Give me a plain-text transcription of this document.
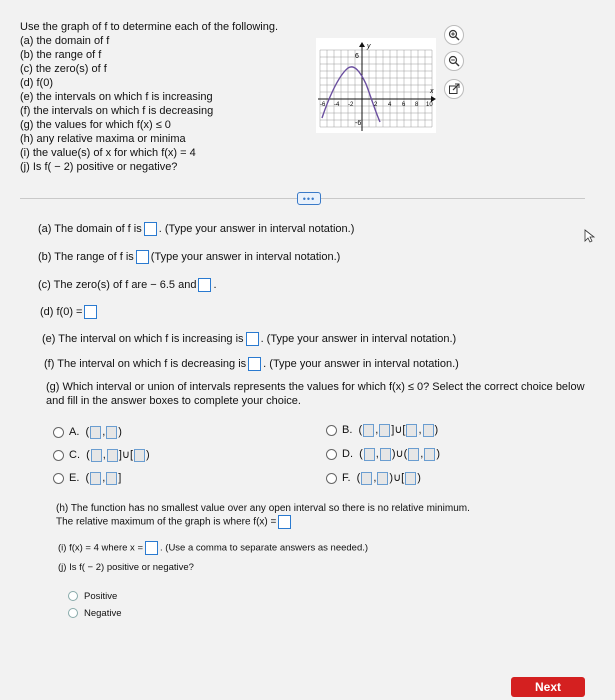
Use the graph of f to determine each of the following.
(a) the domain of f
(b) the range of f
(c) the zero(s) of f
(d) f(0)
(e) the intervals on which f is increasing
(f) the intervals on which f is decreasing
(g) the values for which f(x) ≤ 0
(h) any relative maxima or minima
(i) the value(s) of x for which f(x) = 4
(j) Is f( − 2) positive or negative?
y
x
6
-6
-6 -4 -2	2 4 6 8 10
•••
(a) The domain of f is . (Type your answer in interval notation.)
(b) The range of f is (Type your answer in interval notation.)
(c) The zero(s) of f are − 6.5 and .
(d) f(0) =
(e) The interval on which f is increasing is . (Type your answer in interval notation.)
(f) The interval on which f is decreasing is . (Type your answer in interval notation.)
(g) Which interval or union of intervals represents the values for which f(x) ≤ 0? Select the correct choice below and fill in the answer boxes to complete your choice.
A.  ( , )
C.  ( , ]∪[ )
E.  ( , ]
B.  ( , ]∪[ , )
D.  ( , )∪( , )
F.  ( , )∪[ )
(h) The function has no smallest value over any open interval so there is no relative minimum.
The relative maximum of the graph is where f(x) =
(i) f(x) = 4 where x = . (Use a comma to separate answers as needed.)
(j) Is f( − 2) positive or negative?
Positive
Negative
Next
